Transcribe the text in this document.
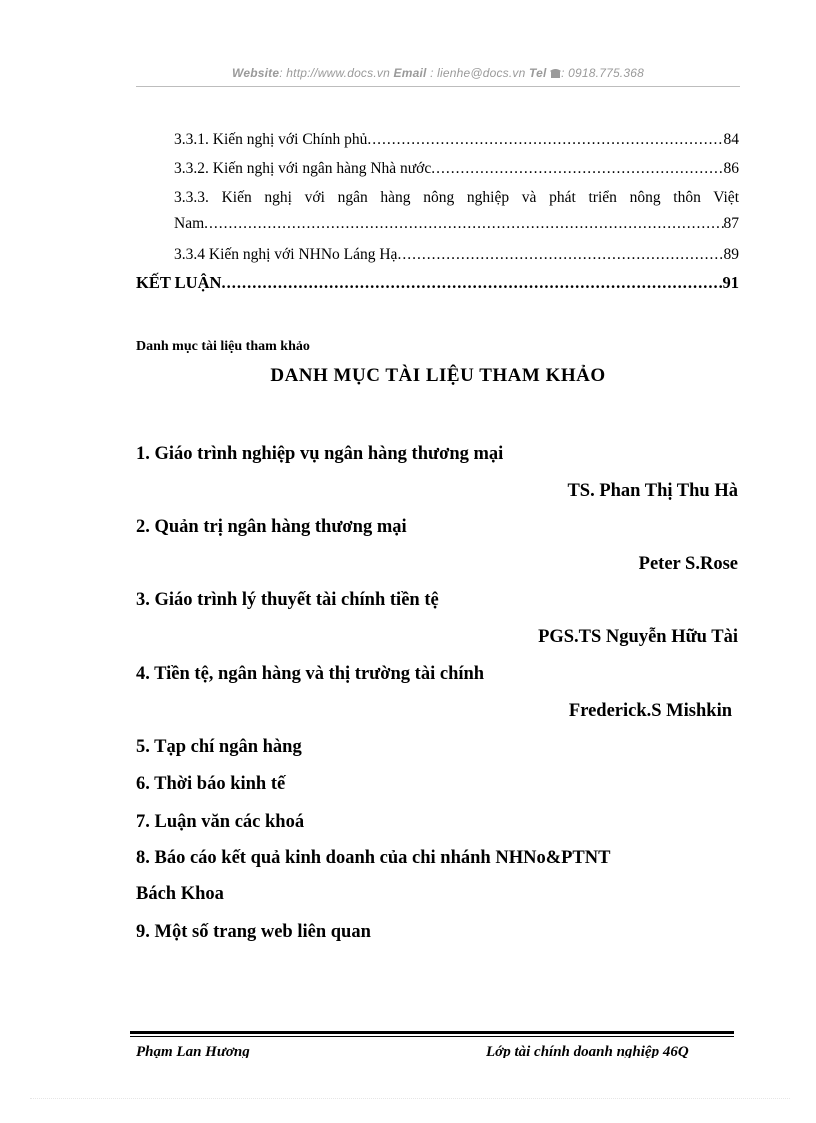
Website: http://www.docs.vn Email : lienhe@docs.vn Tel : 0918.775.368
3.3.1. Kiến nghị với Chính phủ .....	84
3.3.2. Kiến nghị với ngân hàng Nhà nước .....	86
3.3.3. Kiến nghị với ngân hàng nông nghiệp và phát triển nông thôn Việt
Nam .....	87
3.3.4 Kiến nghị với NHNo Láng Hạ .....	89
KẾT LUẬN .....	91
Danh mục tài liệu tham khảo
DANH MỤC TÀI LIỆU THAM KHẢO
1. Giáo trình nghiệp vụ ngân hàng thương mại
TS. Phan Thị Thu Hà
2. Quản trị ngân hàng thương mại
Peter S.Rose
3. Giáo trình lý thuyết tài chính tiền tệ
PGS.TS Nguyễn Hữu Tài
4. Tiền tệ, ngân hàng và thị trường tài chính
Frederick.S Mishkin
5. Tạp chí ngân hàng
6. Thời báo kinh tế
7. Luận văn các khoá
8. Báo cáo kết quả kinh doanh của chi nhánh NHNo&PTNT
Bách Khoa
9. Một số trang web liên quan
Phạm Lan Hương	Lớp tài chính doanh nghiệp 46Q
